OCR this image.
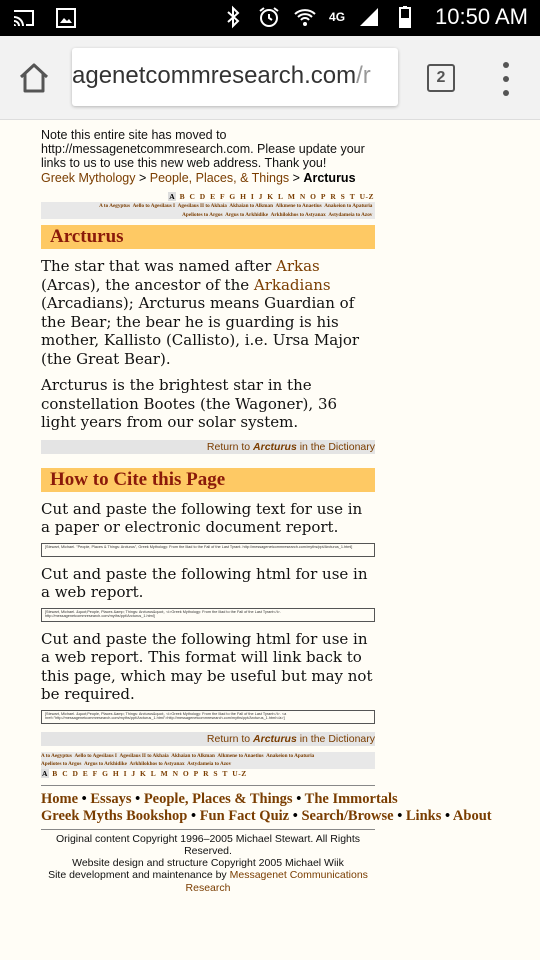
4G	10:50 AM
agenetcommresearch.com/r	2

Note this entire site has moved to http://messagenetcommresearch.com. Please update your links to us to use this new web address. Thank you!

Greek Mythology > People, Places, & Things > Arcturus
A B C D E F G H I J K L M N O P R S T U-Z
A to Aegyptus Aello to Agesilaus I Agesilaus II to Akhaia Akhaian to Alkman Alkmene to Anaetius Anakeion to Apaturia
Apeliotes to Argos Argus to Arkhidike Arkhilokhos to Astyanax Astydameia to Azov
Arcturus

The star that was named after Arkas (Arcas), the ancestor of the Arkadians (Arcadians); Arcturus means Guardian of the Bear; the bear he is guarding is his mother, Kallisto (Callisto), i.e. Ursa Major (the Great Bear).

Arcturus is the brightest star in the constellation Bootes (the Wagoner), 36 light years from our solar system.

Return to Arcturus in the Dictionary
How to Cite this Page

Cut and paste the following text for use in a paper or electronic document report.

[Stewart, Michael. "People, Places & Things: Arcturus", Greek Mythology: From the Iliad to the Fall of the Last Tyrant. http://messagenetcommresearch.com/myths/ppt/Arcturus_1.html]

Cut and paste the following html for use in a web report.

[Stewart, Michael. &quot;People, Places &amp; Things: Arcturus&quot;, <i>Greek Mythology: From the Iliad to the Fall of the Last Tyrant</i>. http://messagenetcommresearch.com/myths/ppt/Arcturus_1.html]

Cut and paste the following html for use in a web report. This format will link back to this page, which may be useful but may not be required.

[Stewart, Michael. &quot;People, Places &amp; Things: Arcturus&quot;, <i>Greek Mythology: From the Iliad to the Fall of the Last Tyrant</i>. <a href="http://messagenetcommresearch.com/myths/ppt/Arcturus_1.html">http://messagenetcommresearch.com/myths/ppt/Arcturus_1.html</a>]
Return to Arcturus in the Dictionary
A to Aegyptus Aello to Agesilaus I Agesilaus II to Akhaia Akhaian to Alkman Alkmene to Anaetius Anakeion to Apaturia
Apeliotes to Argos Argus to Arkhidike Arkhilokhos to Astyanax Astydameia to Azov
A B C D E F G H I J K L M N O P R S T U-Z
Home • Essays • People, Places & Things • The Immortals
Greek Myths Bookshop • Fun Fact Quiz • Search/Browse • Links • About
Original content Copyright 1996–2005 Michael Stewart. All Rights Reserved.
Website design and structure Copyright 2005 Michael Wiik
Site development and maintenance by Messagenet Communications Research
